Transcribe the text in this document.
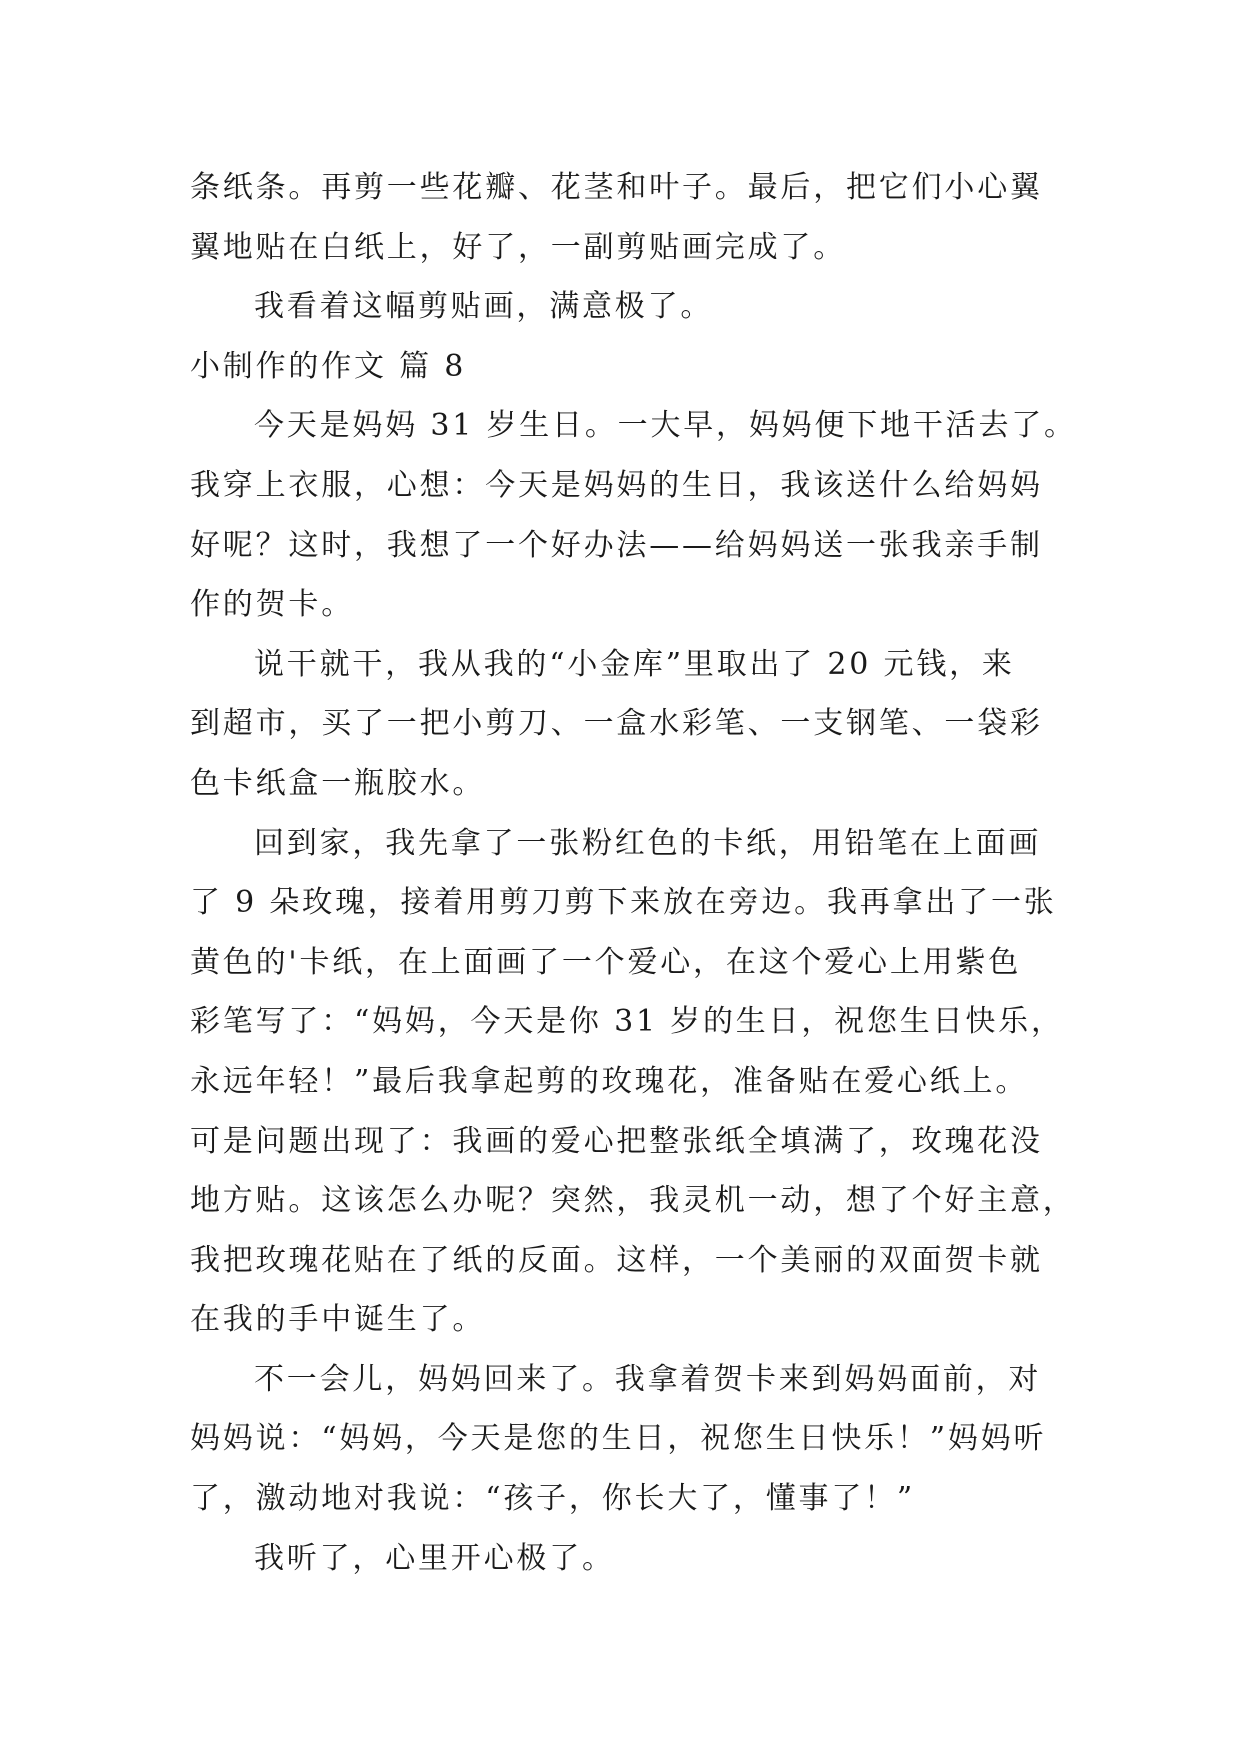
条纸条。再剪一些花瓣、花茎和叶子。最后，把它们小心翼
翼地贴在白纸上，好了，一副剪贴画完成了。
我看着这幅剪贴画，满意极了。
小制作的作文 篇 8
今天是妈妈 31 岁生日。一大早，妈妈便下地干活去了。
我穿上衣服，心想：今天是妈妈的生日，我该送什么给妈妈
好呢？这时，我想了一个好办法——给妈妈送一张我亲手制
作的贺卡。
说干就干，我从我的“小金库”里取出了 20 元钱，来
到超市，买了一把小剪刀、一盒水彩笔、一支钢笔、一袋彩
色卡纸盒一瓶胶水。
回到家，我先拿了一张粉红色的卡纸，用铅笔在上面画
了 9 朵玫瑰，接着用剪刀剪下来放在旁边。我再拿出了一张
黄色的'卡纸，在上面画了一个爱心，在这个爱心上用紫色
彩笔写了：“妈妈，今天是你 31 岁的生日，祝您生日快乐，
永远年轻！”最后我拿起剪的玫瑰花，准备贴在爱心纸上。
可是问题出现了：我画的爱心把整张纸全填满了，玫瑰花没
地方贴。这该怎么办呢？突然，我灵机一动，想了个好主意，
我把玫瑰花贴在了纸的反面。这样，一个美丽的双面贺卡就
在我的手中诞生了。
不一会儿，妈妈回来了。我拿着贺卡来到妈妈面前，对
妈妈说：“妈妈，今天是您的生日，祝您生日快乐！”妈妈听
了，激动地对我说：“孩子，你长大了，懂事了！”
我听了，心里开心极了。
